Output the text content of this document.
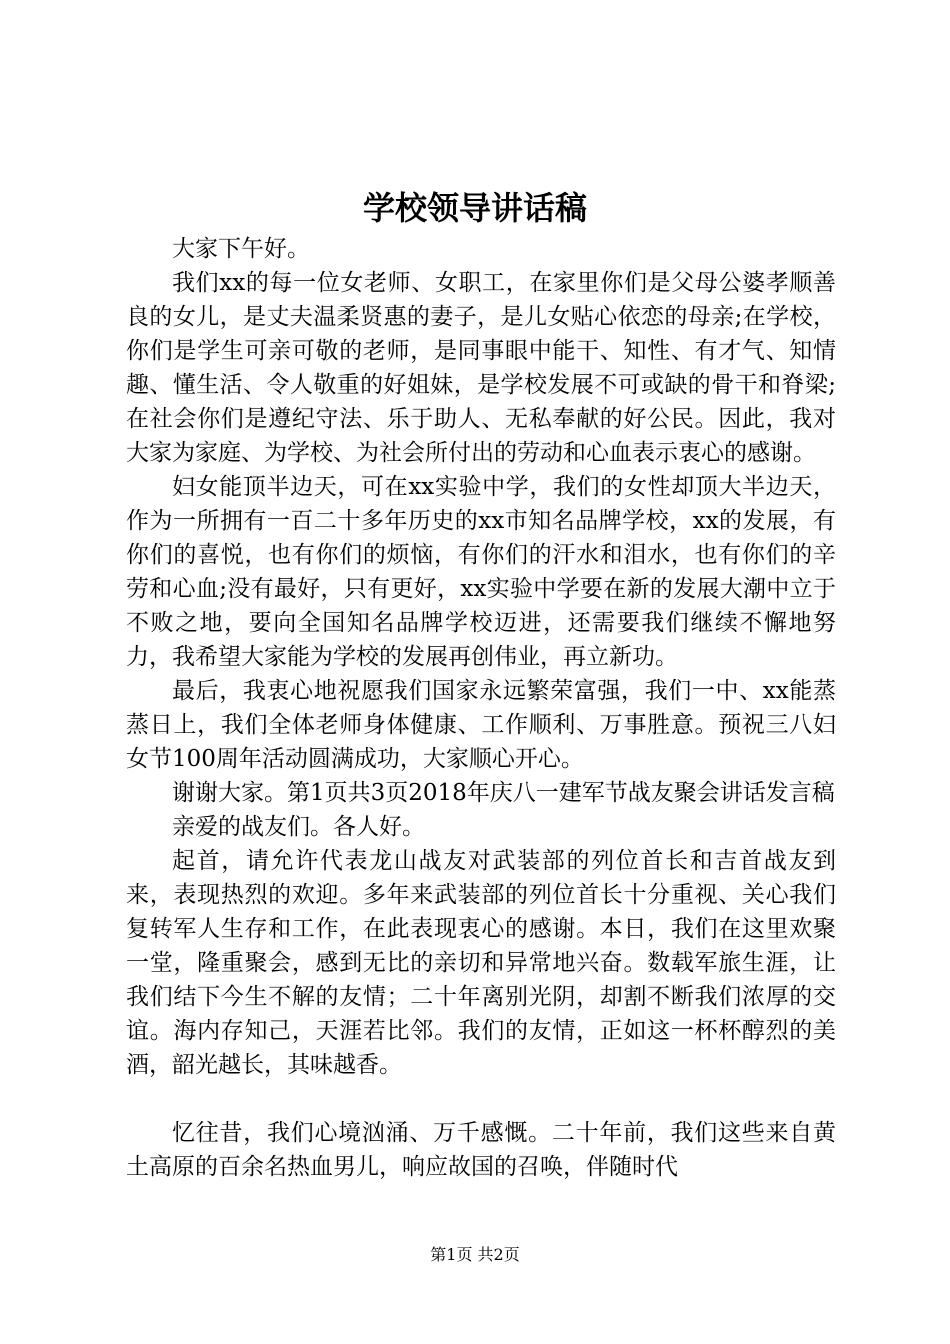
学校领导讲话稿

大家下午好。

我们xx的每一位女老师、女职工，在家里你们是父母公婆孝顺善良的女儿，是丈夫温柔贤惠的妻子，是儿女贴心依恋的母亲;在学校，你们是学生可亲可敬的老师，是同事眼中能干、知性、有才气、知情趣、懂生活、令人敬重的好姐妹，是学校发展不可或缺的骨干和脊梁;在社会你们是遵纪守法、乐于助人、无私奉献的好公民。因此，我对大家为家庭、为学校、为社会所付出的劳动和心血表示衷心的感谢。

妇女能顶半边天，可在xx实验中学，我们的女性却顶大半边天，作为一所拥有一百二十多年历史的xx市知名品牌学校，xx的发展，有你们的喜悦，也有你们的烦恼，有你们的汗水和泪水，也有你们的辛劳和心血;没有最好，只有更好，xx实验中学要在新的发展大潮中立于不败之地，要向全国知名品牌学校迈进，还需要我们继续不懈地努力，我希望大家能为学校的发展再创伟业，再立新功。

最后，我衷心地祝愿我们国家永远繁荣富强，我们一中、xx能蒸蒸日上，我们全体老师身体健康、工作顺利、万事胜意。预祝三八妇女节100周年活动圆满成功，大家顺心开心。

谢谢大家。第1页共3页2018年庆八一建军节战友聚会讲话发言稿

亲爱的战友们。各人好。

起首，请允许代表龙山战友对武装部的列位首长和吉首战友到来，表现热烈的欢迎。多年来武装部的列位首长十分重视、关心我们复转军人生存和工作，在此表现衷心的感谢。本日，我们在这里欢聚一堂，隆重聚会，感到无比的亲切和异常地兴奋。数载军旅生涯，让我们结下今生不解的友情；二十年离别光阴，却割不断我们浓厚的交谊。海内存知己，天涯若比邻。我们的友情，正如这一杯杯醇烈的美酒，韶光越长，其味越香。

忆往昔，我们心境汹涌、万千感慨。二十年前，我们这些来自黄土高原的百余名热血男儿，响应故国的召唤，伴随时代

第1页 共2页
